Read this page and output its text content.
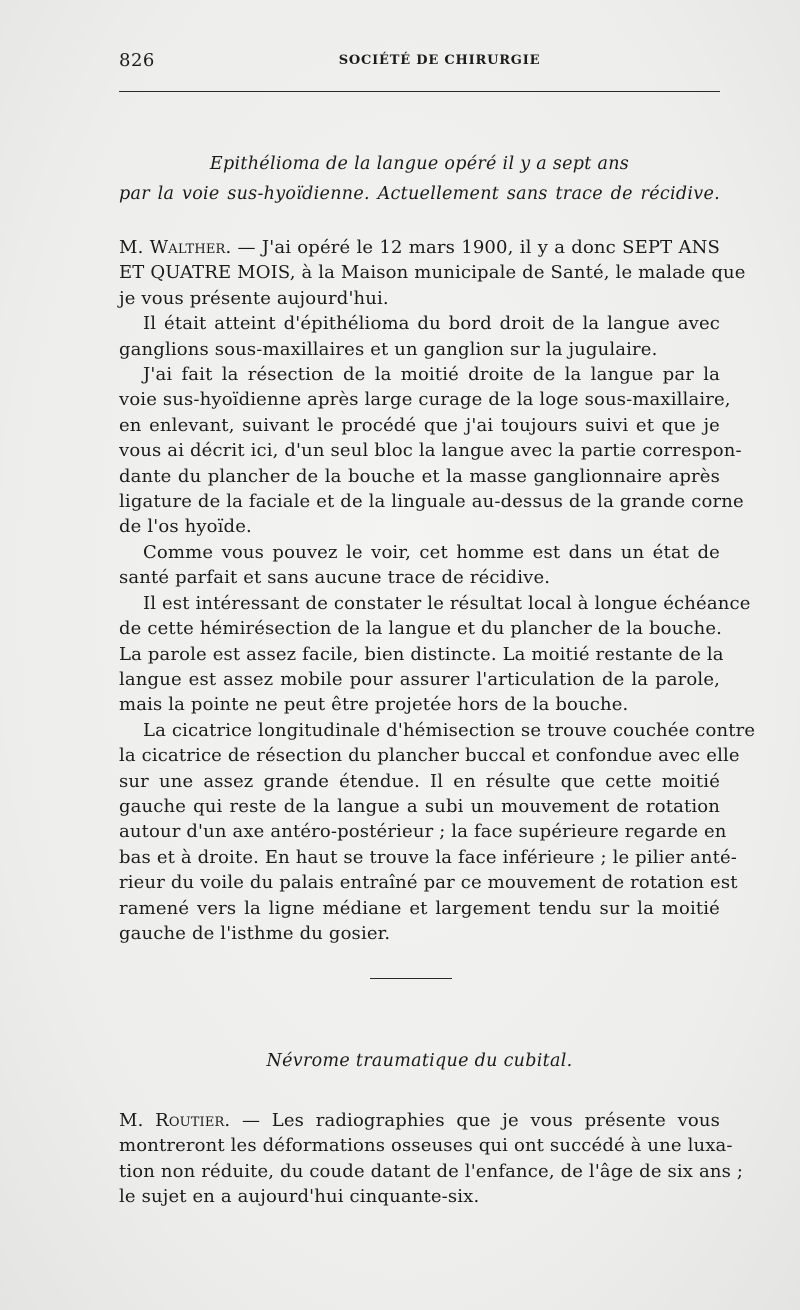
826	SOCIÉTÉ DE CHIRURGIE
Epithélioma de la langue opéré il y a sept ans
par la voie sus-hyoïdienne. Actuellement sans trace de récidive.
M. Walther. — J'ai opéré le 12 mars 1900, il y a donc SEPT ANS
ET QUATRE MOIS, à la Maison municipale de Santé, le malade que
je vous présente aujourd'hui.
Il était atteint d'épithélioma du bord droit de la langue avec
ganglions sous-maxillaires et un ganglion sur la jugulaire.
J'ai fait la résection de la moitié droite de la langue par la
voie sus-hyoïdienne après large curage de la loge sous-maxillaire,
en enlevant, suivant le procédé que j'ai toujours suivi et que je
vous ai décrit ici, d'un seul bloc la langue avec la partie correspon-
dante du plancher de la bouche et la masse ganglionnaire après
ligature de la faciale et de la linguale au-dessus de la grande corne
de l'os hyoïde.
Comme vous pouvez le voir, cet homme est dans un état de
santé parfait et sans aucune trace de récidive.
Il est intéressant de constater le résultat local à longue échéance
de cette hémirésection de la langue et du plancher de la bouche.
La parole est assez facile, bien distincte. La moitié restante de la
langue est assez mobile pour assurer l'articulation de la parole,
mais la pointe ne peut être projetée hors de la bouche.
La cicatrice longitudinale d'hémisection se trouve couchée contre
la cicatrice de résection du plancher buccal et confondue avec elle
sur une assez grande étendue. Il en résulte que cette moitié
gauche qui reste de la langue a subi un mouvement de rotation
autour d'un axe antéro-postérieur ; la face supérieure regarde en
bas et à droite. En haut se trouve la face inférieure ; le pilier anté-
rieur du voile du palais entraîné par ce mouvement de rotation est
ramené vers la ligne médiane et largement tendu sur la moitié
gauche de l'isthme du gosier.
Névrome traumatique du cubital.
M. Routier. — Les radiographies que je vous présente vous
montreront les déformations osseuses qui ont succédé à une luxa-
tion non réduite, du coude datant de l'enfance, de l'âge de six ans ;
le sujet en a aujourd'hui cinquante-six.
